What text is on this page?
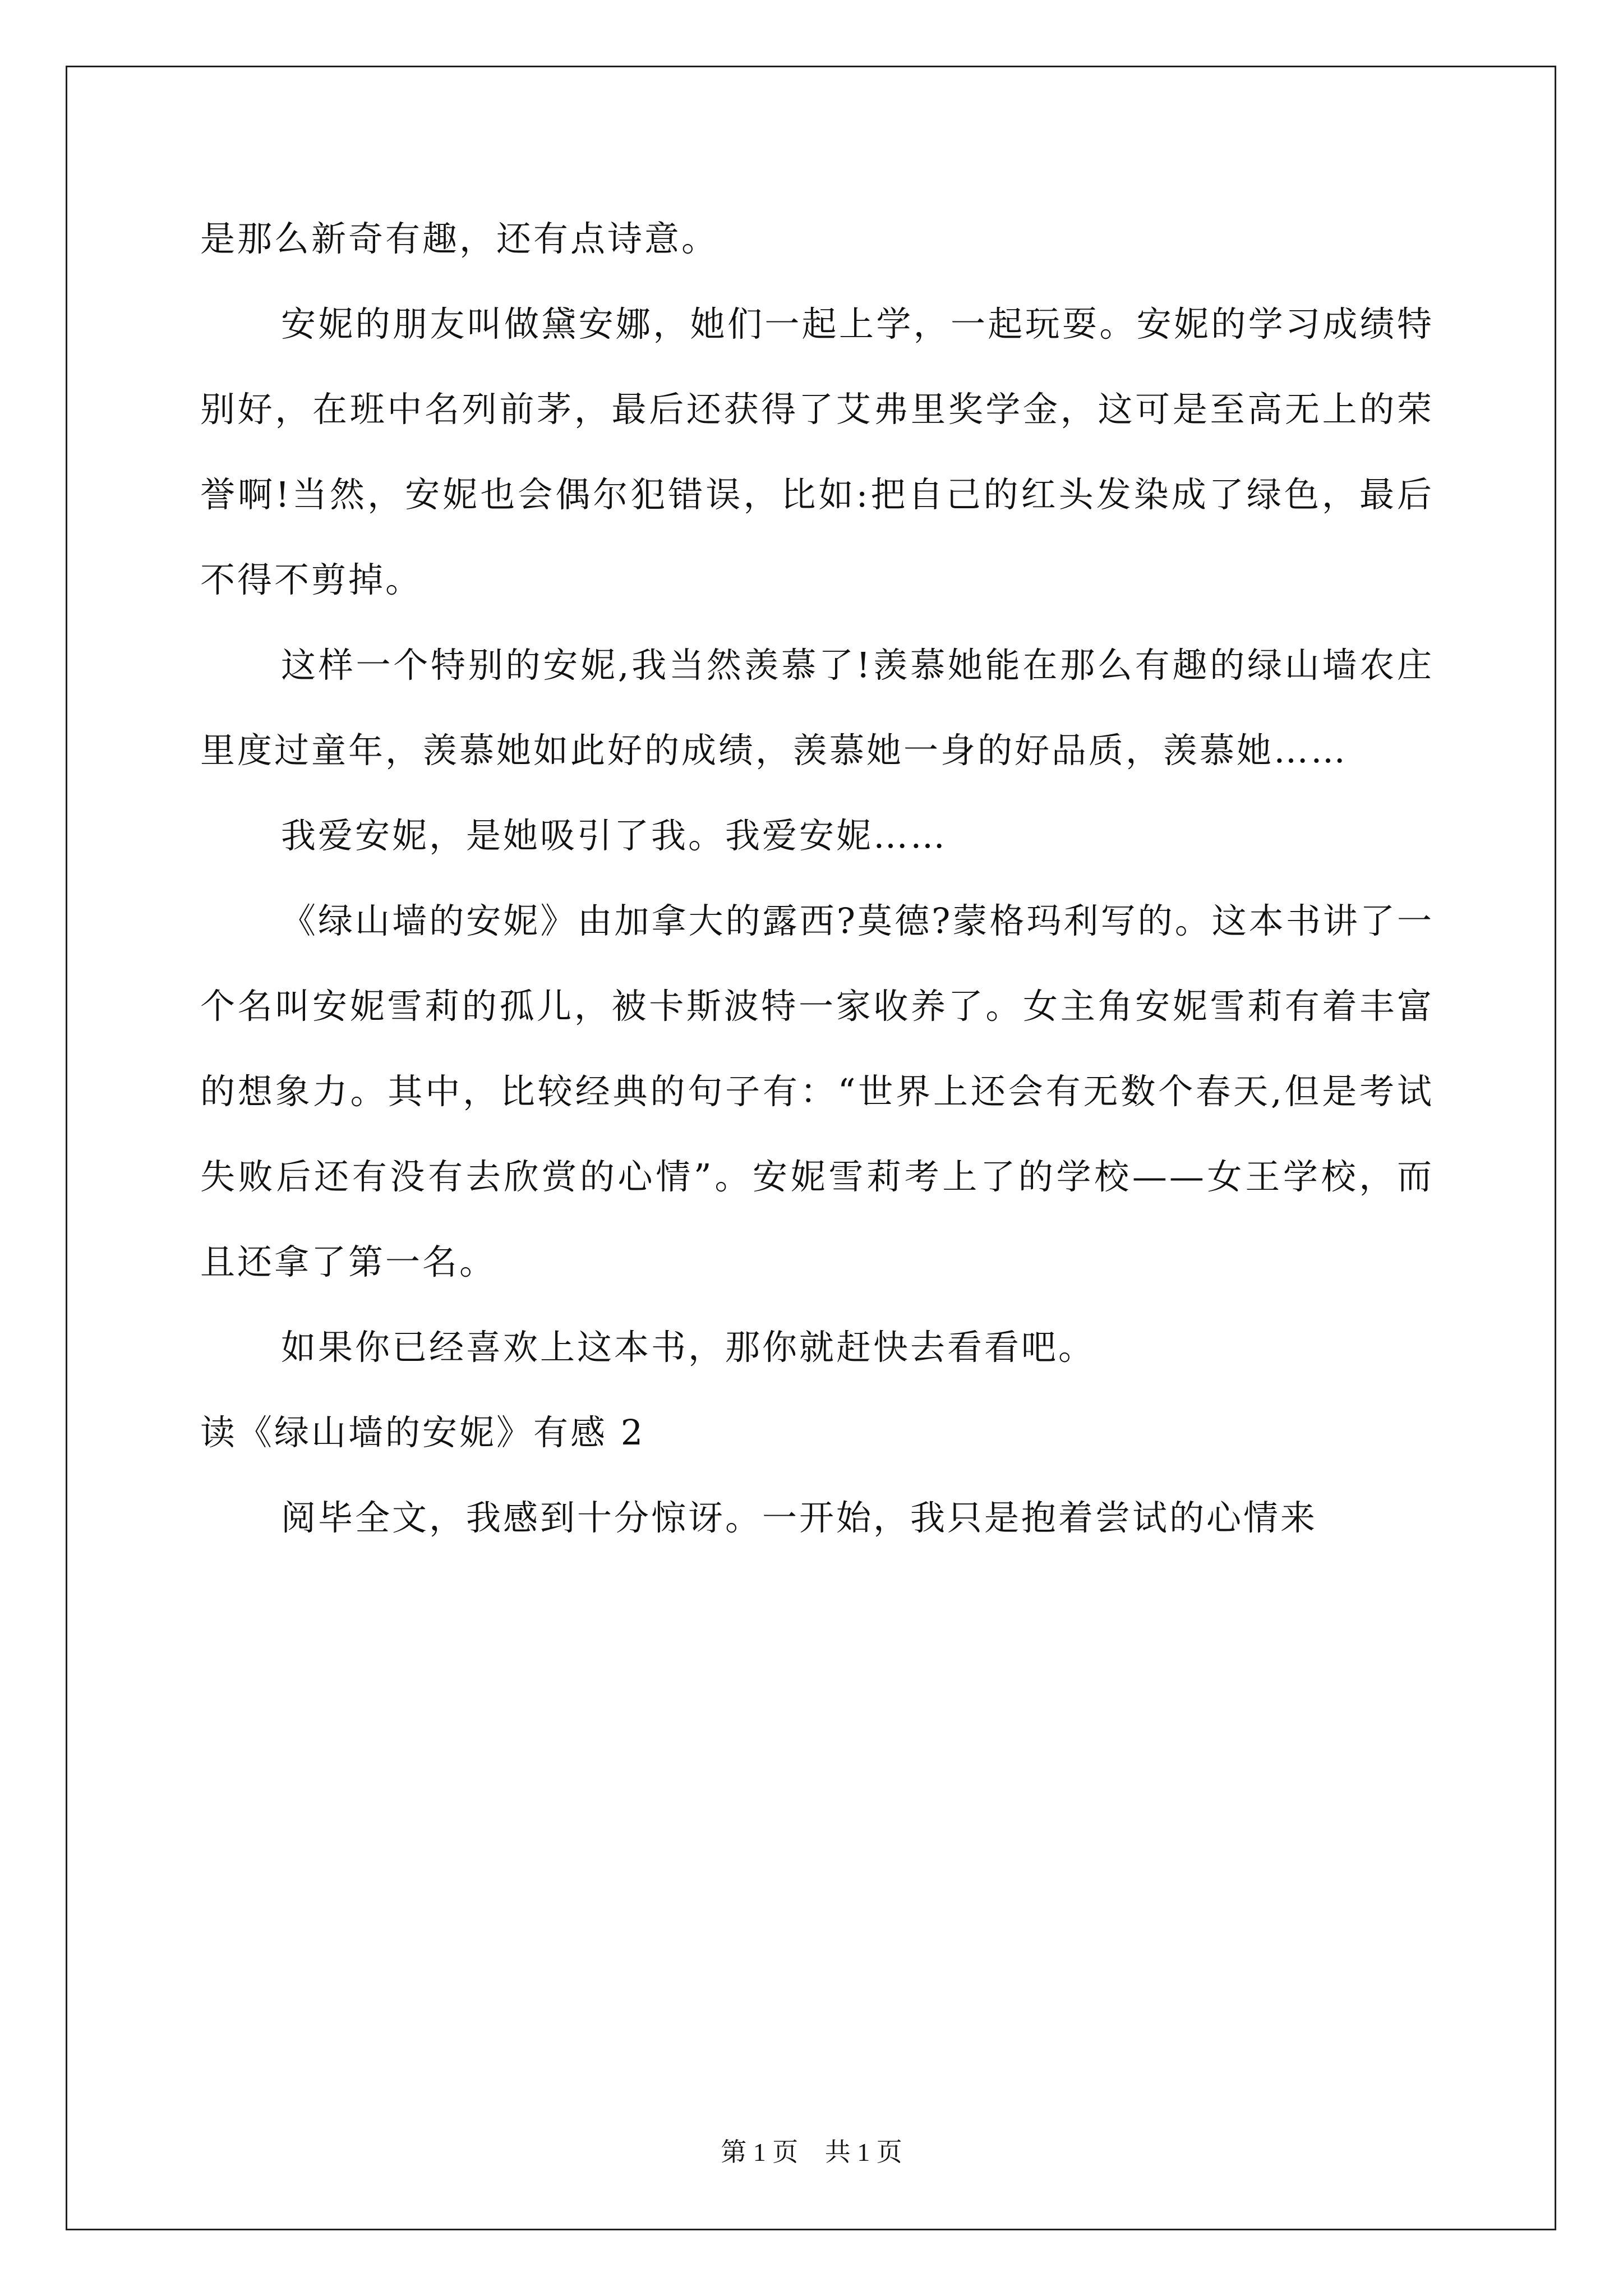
是那么新奇有趣，还有点诗意。

安妮的朋友叫做黛安娜，她们一起上学，一起玩耍。安妮的学习成绩特别好，在班中名列前茅，最后还获得了艾弗里奖学金，这可是至高无上的荣誉啊!当然，安妮也会偶尔犯错误，比如:把自己的红头发染成了绿色，最后不得不剪掉。

这样一个特别的安妮,我当然羡慕了!羡慕她能在那么有趣的绿山墙农庄里度过童年，羡慕她如此好的成绩，羡慕她一身的好品质，羡慕她……

我爱安妮，是她吸引了我。我爱安妮……

《绿山墙的安妮》由加拿大的露西?莫德?蒙格玛利写的。这本书讲了一个名叫安妮雪莉的孤儿，被卡斯波特一家收养了。女主角安妮雪莉有着丰富的想象力。其中，比较经典的句子有：“世界上还会有无数个春天,但是考试失败后还有没有去欣赏的心情”。安妮雪莉考上了的学校——女王学校，而且还拿了第一名。

如果你已经喜欢上这本书，那你就赶快去看看吧。

读《绿山墙的安妮》有感 2

阅毕全文，我感到十分惊讶。一开始，我只是抱着尝试的心情来

第 1 页 共 1 页
